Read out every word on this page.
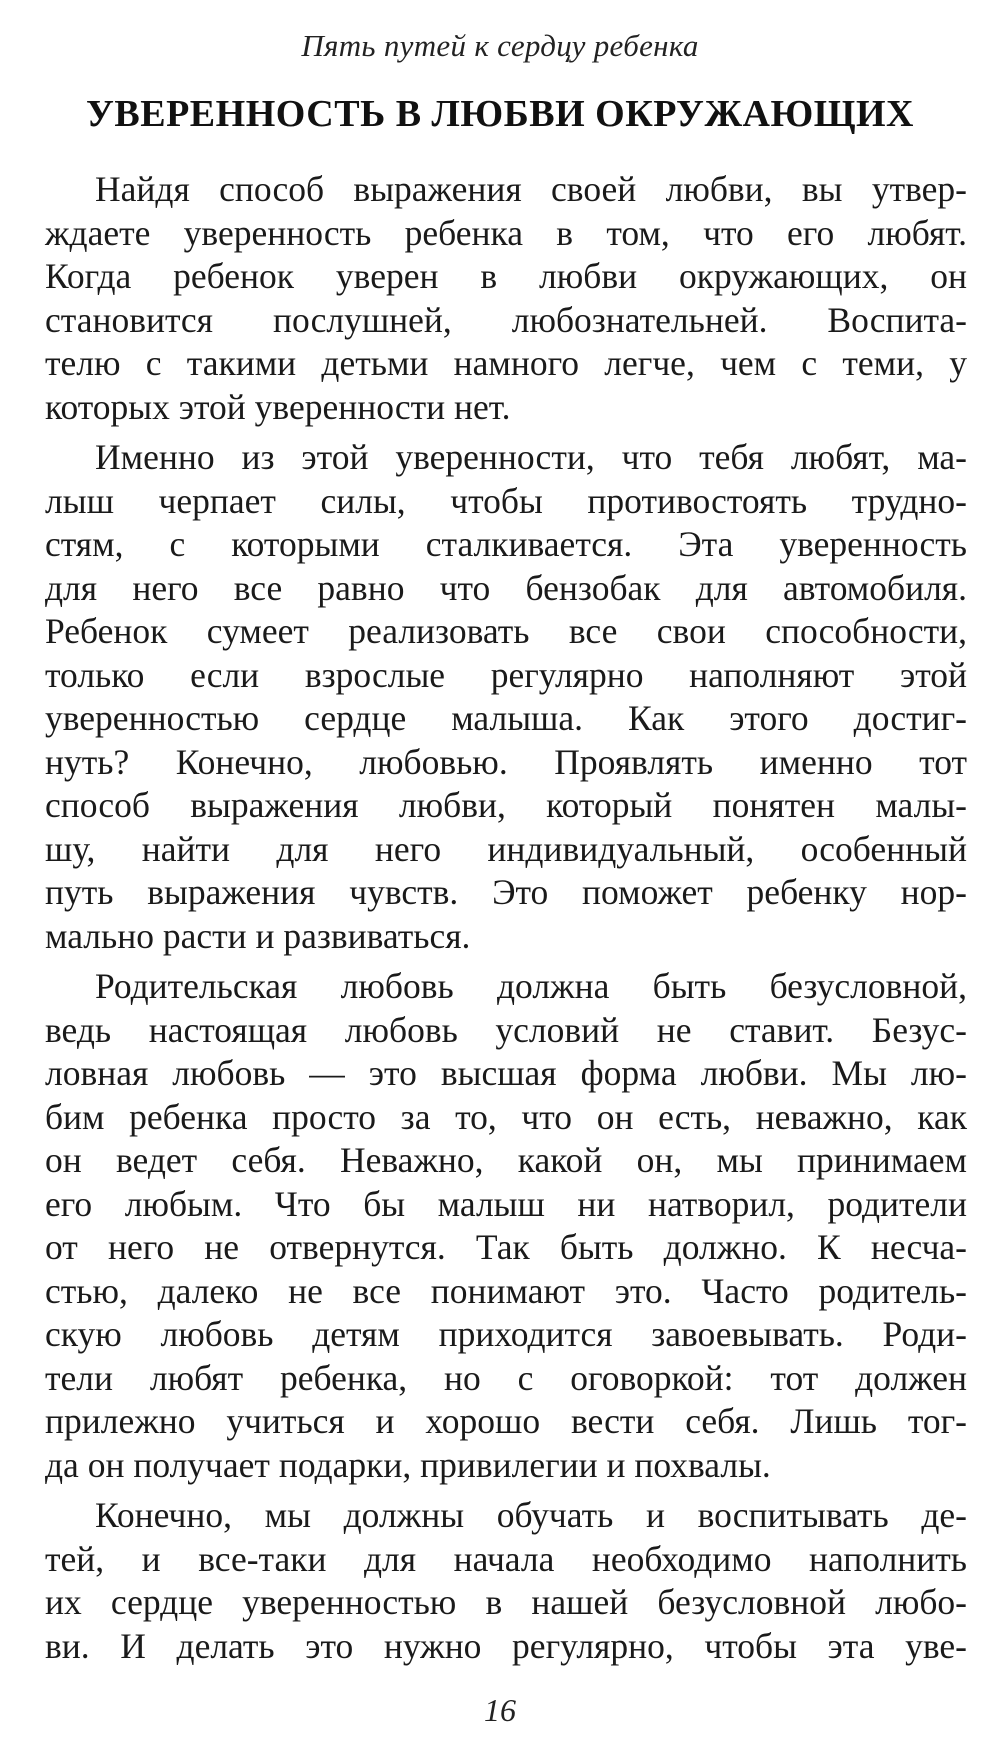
Пять путей к сердцу ребенка
УВЕРЕННОСТЬ В ЛЮБВИ ОКРУЖАЮЩИХ
Найдя способ выражения своей любви, вы утвер-
ждаете уверенность ребенка в том, что его любят.
Когда ребенок уверен в любви окружающих, он
становится послушней, любознательней. Воспита-
телю с такими детьми намного легче, чем с теми, у
которых этой уверенности нет.
Именно из этой уверенности, что тебя любят, ма-
лыш черпает силы, чтобы противостоять трудно-
стям, с которыми сталкивается. Эта уверенность
для него все равно что бензобак для автомобиля.
Ребенок сумеет реализовать все свои способности,
только если взрослые регулярно наполняют этой
уверенностью сердце малыша. Как этого достиг-
нуть? Конечно, любовью. Проявлять именно тот
способ выражения любви, который понятен малы-
шу, найти для него индивидуальный, особенный
путь выражения чувств. Это поможет ребенку нор-
мально расти и развиваться.
Родительская любовь должна быть безусловной,
ведь настоящая любовь условий не ставит. Безус-
ловная любовь — это высшая форма любви. Мы лю-
бим ребенка просто за то, что он есть, неважно, как
он ведет себя. Неважно, какой он, мы принимаем
его любым. Что бы малыш ни натворил, родители
от него не отвернутся. Так быть должно. К несча-
стью, далеко не все понимают это. Часто родитель-
скую любовь детям приходится завоевывать. Роди-
тели любят ребенка, но с оговоркой: тот должен
прилежно учиться и хорошо вести себя. Лишь тог-
да он получает подарки, привилегии и похвалы.
Конечно, мы должны обучать и воспитывать де-
тей, и все-таки для начала необходимо наполнить
их сердце уверенностью в нашей безусловной любо-
ви. И делать это нужно регулярно, чтобы эта уве-
16
